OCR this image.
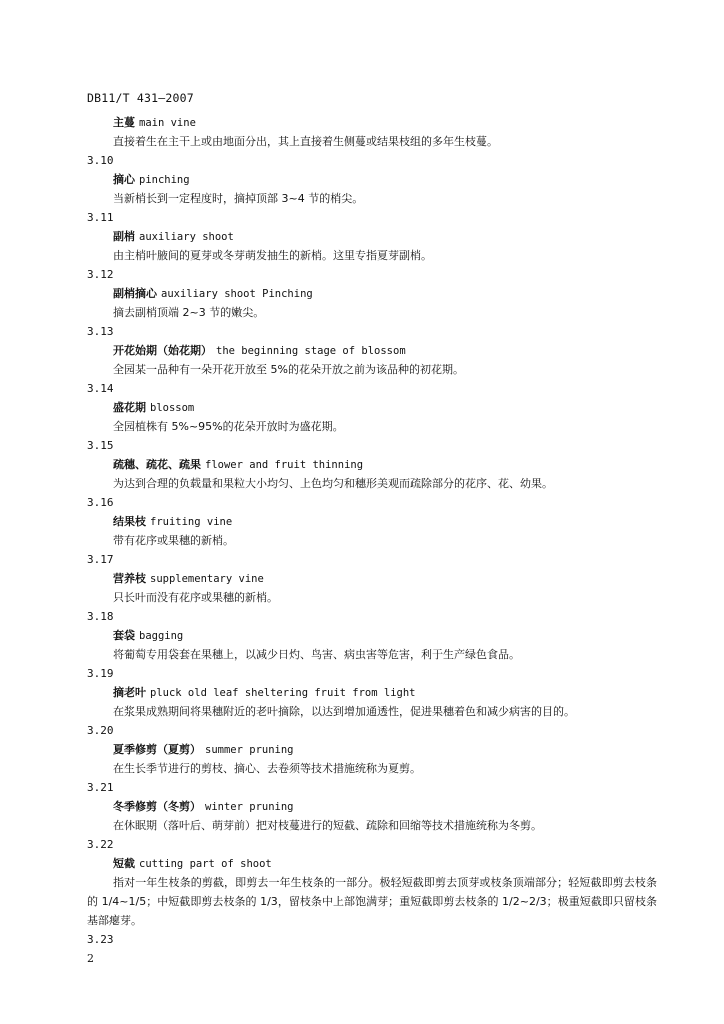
DB11/T 431—2007
主蔓 main vine
直接着生在主干上或由地面分出，其上直接着生侧蔓或结果枝组的多年生枝蔓。
3.10
摘心 pinching
当新梢长到一定程度时，摘掉顶部 3~4 节的梢尖。
3.11
副梢 auxiliary shoot
由主梢叶腋间的夏芽或冬芽萌发抽生的新梢。这里专指夏芽副梢。
3.12
副梢摘心 auxiliary shoot Pinching
摘去副梢顶端 2~3 节的嫩尖。
3.13
开花始期（始花期） the beginning stage of blossom
全园某一品种有一朵开花开放至 5%的花朵开放之前为该品种的初花期。
3.14
盛花期 blossom
全园植株有 5%~95%的花朵开放时为盛花期。
3.15
疏穗、疏花、疏果 flower and fruit thinning
为达到合理的负载量和果粒大小均匀、上色均匀和穗形美观而疏除部分的花序、花、幼果。
3.16
结果枝 fruiting vine
带有花序或果穗的新梢。
3.17
营养枝 supplementary vine
只长叶而没有花序或果穗的新梢。
3.18
套袋 bagging
将葡萄专用袋套在果穗上，以减少日灼、鸟害、病虫害等危害，利于生产绿色食品。
3.19
摘老叶 pluck old leaf sheltering fruit from light
在浆果成熟期间将果穗附近的老叶摘除，以达到增加通透性，促进果穗着色和减少病害的目的。
3.20
夏季修剪（夏剪） summer pruning
在生长季节进行的剪枝、摘心、去卷须等技术措施统称为夏剪。
3.21
冬季修剪（冬剪） winter pruning
在休眠期（落叶后、萌芽前）把对枝蔓进行的短截、疏除和回缩等技术措施统称为冬剪。
3.22
短截 cutting part of shoot
指对一年生枝条的剪截，即剪去一年生枝条的一部分。极轻短截即剪去顶芽或枝条顶端部分；轻短截即剪去枝条的 1/4~1/5；中短截即剪去枝条的 1/3，留枝条中上部饱满芽；重短截即剪去枝条的 1/2~2/3；极重短截即只留枝条基部瘪芽。
3.23
2
